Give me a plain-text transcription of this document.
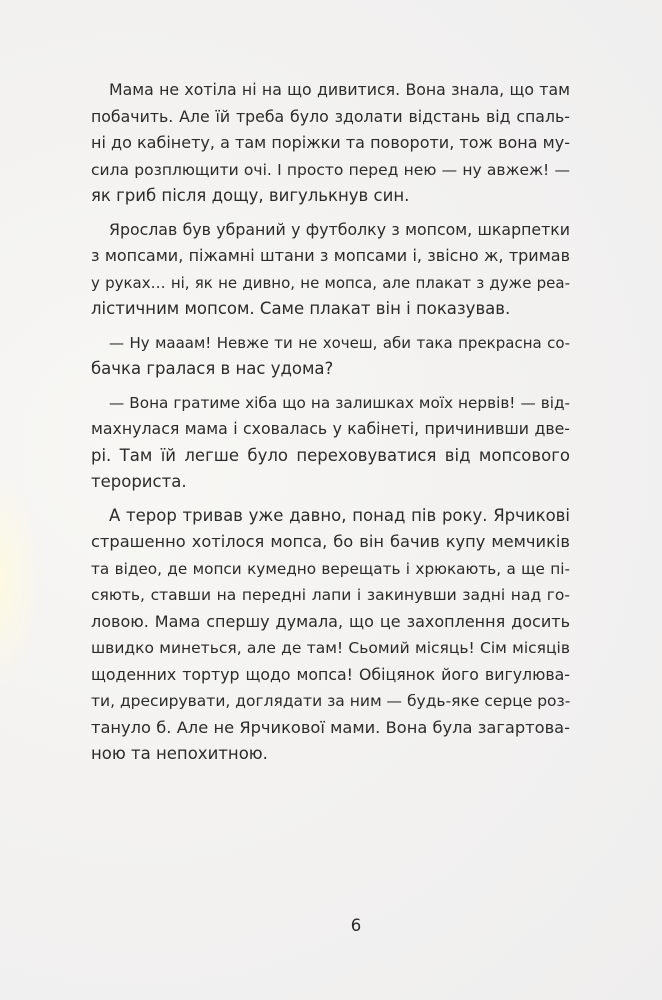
Мама не хотіла ні на що дивитися. Вона знала, що там
побачить. Але їй треба було здолати відстань від спаль-
ні до кабінету, а там поріжки та повороти, тож вона му-
сила розплющити очі. І просто перед нею — ну авжеж! —
як гриб після дощу, вигулькнув син.
Ярослав був убраний у футболку з мопсом, шкарпетки
з мопсами, піжамні штани з мопсами і, звісно ж, тримав
у руках… ні, як не дивно, не мопса, але плакат з дуже реа-
лістичним мопсом. Саме плакат він і показував.
— Ну мааам! Невже ти не хочеш, аби така прекрасна со-
бачка гралася в нас удома?
— Вона гратиме хіба що на залишках моїх нервів! — від-
махнулася мама і сховалась у кабінеті, причинивши две-
рі. Там їй легше було переховуватися від мопсового
терориста.
А терор тривав уже давно, понад пів року. Ярчикові
страшенно хотілося мопса, бо він бачив купу мемчиків
та відео, де мопси кумедно верещать і хрюкають, а ще пі-
сяють, ставши на передні лапи і закинувши задні над го-
ловою. Мама спершу думала, що це захоплення досить
швидко минеться, але де там! Сьомий місяць! Сім місяців
щоденних тортур щодо мопса! Обіцянок його вигулюва-
ти, дресирувати, доглядати за ним — будь-яке серце роз-
тануло б. Але не Ярчикової мами. Вона була загартова-
ною та непохитною.
6
